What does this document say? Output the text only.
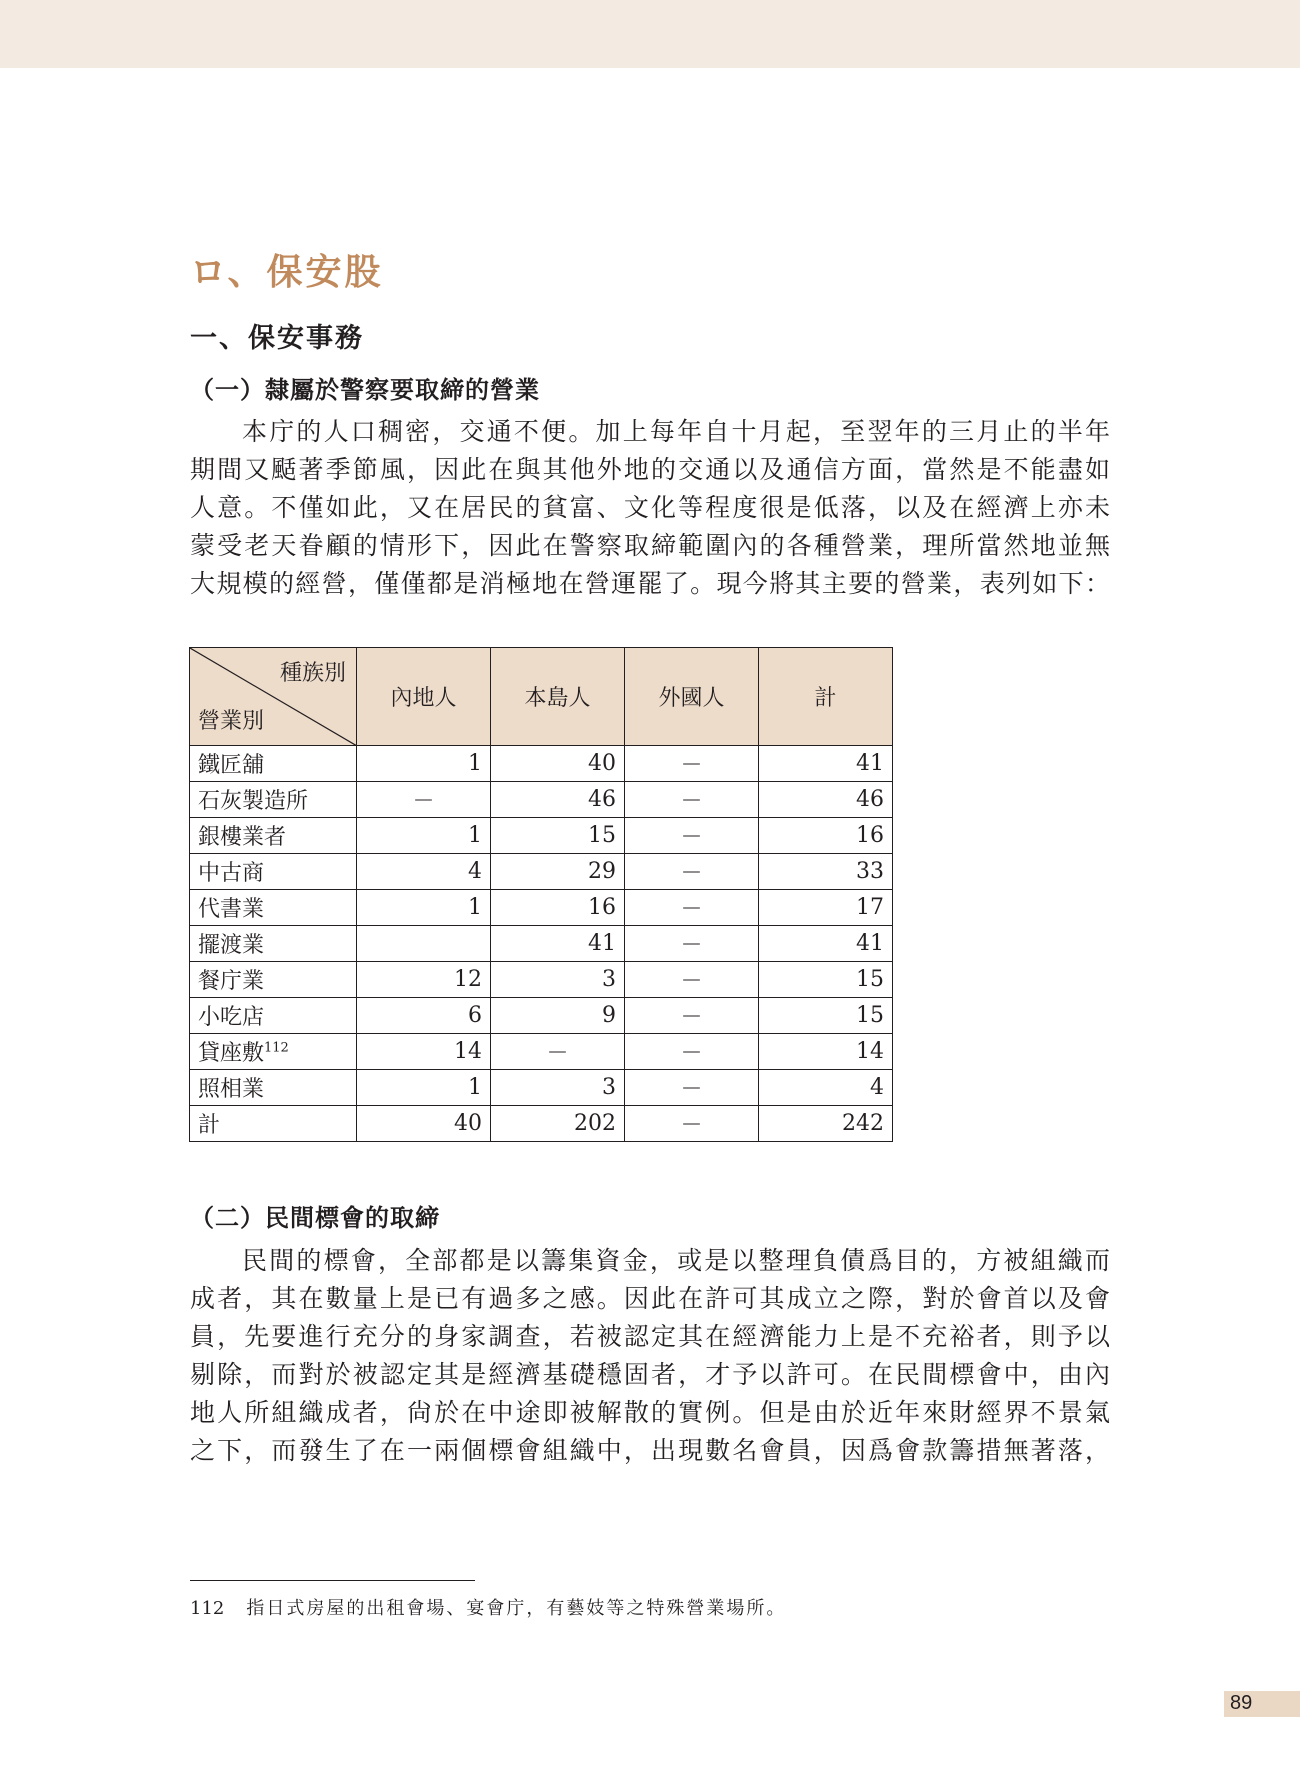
ロ、保安股
一、保安事務
（一）隸屬於警察要取締的營業

本庁的人口稠密，交通不便。加上每年自十月起，至翌年的三月止的半年
期間又颳著季節風，因此在與其他外地的交通以及通信方面，當然是不能盡如
人意。不僅如此，又在居民的貧富、文化等程度很是低落，以及在經濟上亦未
蒙受老天眷顧的情形下，因此在警察取締範圍內的各種營業，理所當然地並無
大規模的經營，僅僅都是消極地在營運罷了。現今將其主要的營業，表列如下：

種族別
營業別	內地人	本島人	外國人	計
鐵匠舖	1	40	－	41
石灰製造所	－	46	－	46
銀樓業者	1	15	－	16
中古商	4	29	－	33
代書業	1	16	－	17
擺渡業		41	－	41
餐庁業	12	3	－	15
小吃店	6	9	－	15
貸座敷$^{112}$	14	－	－	14
照相業	1	3	－	4
計	40	202	－	242
（二）民間標會的取締

民間的標會，全部都是以籌集資金，或是以整理負債爲目的，方被組織而
成者，其在數量上是已有過多之感。因此在許可其成立之際，對於會首以及會
員，先要進行充分的身家調查，若被認定其在經濟能力上是不充裕者，則予以
剔除，而對於被認定其是經濟基礎穩固者，才予以許可。在民間標會中，由內
地人所組織成者，尙於在中途即被解散的實例。但是由於近年來財經界不景氣
之下，而發生了在一兩個標會組織中，出現數名會員，因爲會款籌措無著落，

112 指日式房屋的出租會場、宴會庁，有藝妓等之特殊營業場所。

89
